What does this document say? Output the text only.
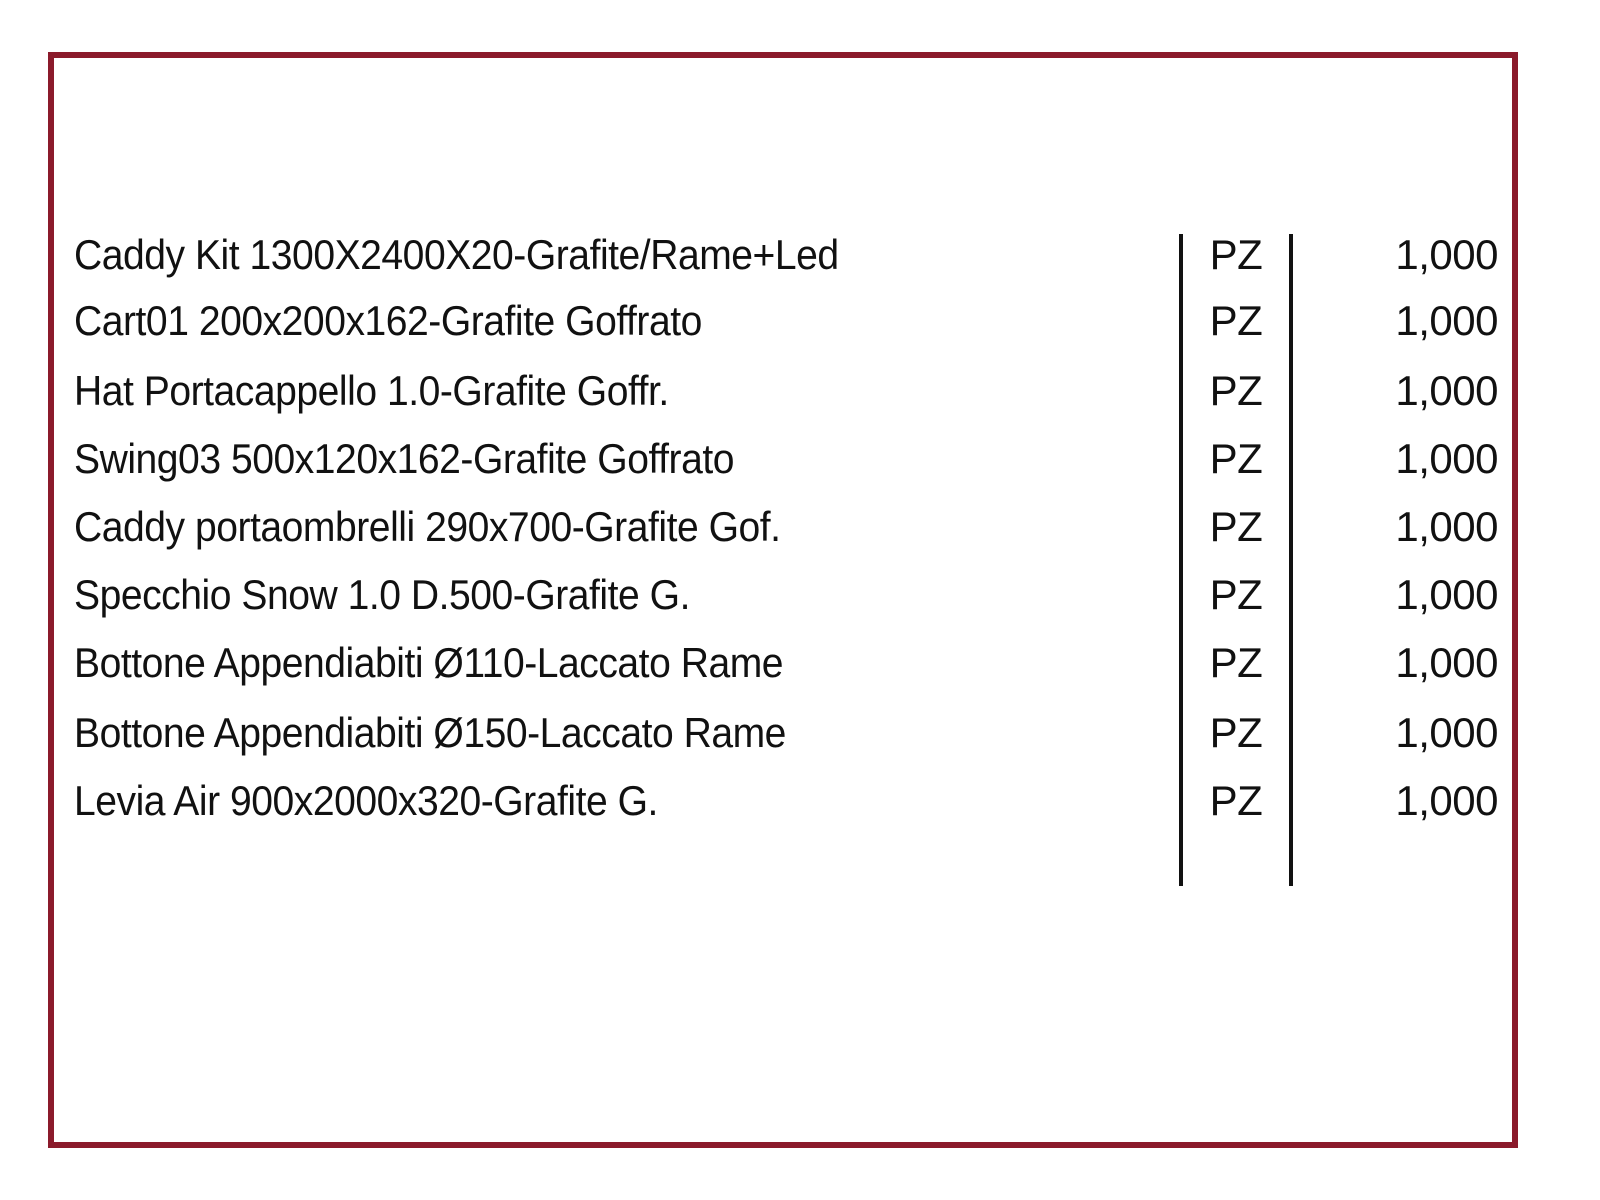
Caddy Kit 1300X2400X20-Grafite/Rame+Led	PZ	1,000
Cart01 200x200x162-Grafite Goffrato	PZ	1,000
Hat Portacappello 1.0-Grafite Goffr.	PZ	1,000
Swing03 500x120x162-Grafite Goffrato	PZ	1,000
Caddy portaombrelli 290x700-Grafite Gof.	PZ	1,000
Specchio Snow 1.0 D.500-Grafite G.	PZ	1,000
Bottone Appendiabiti Ø110-Laccato Rame	PZ	1,000
Bottone Appendiabiti Ø150-Laccato Rame	PZ	1,000
Levia Air 900x2000x320-Grafite G.	PZ	1,000
